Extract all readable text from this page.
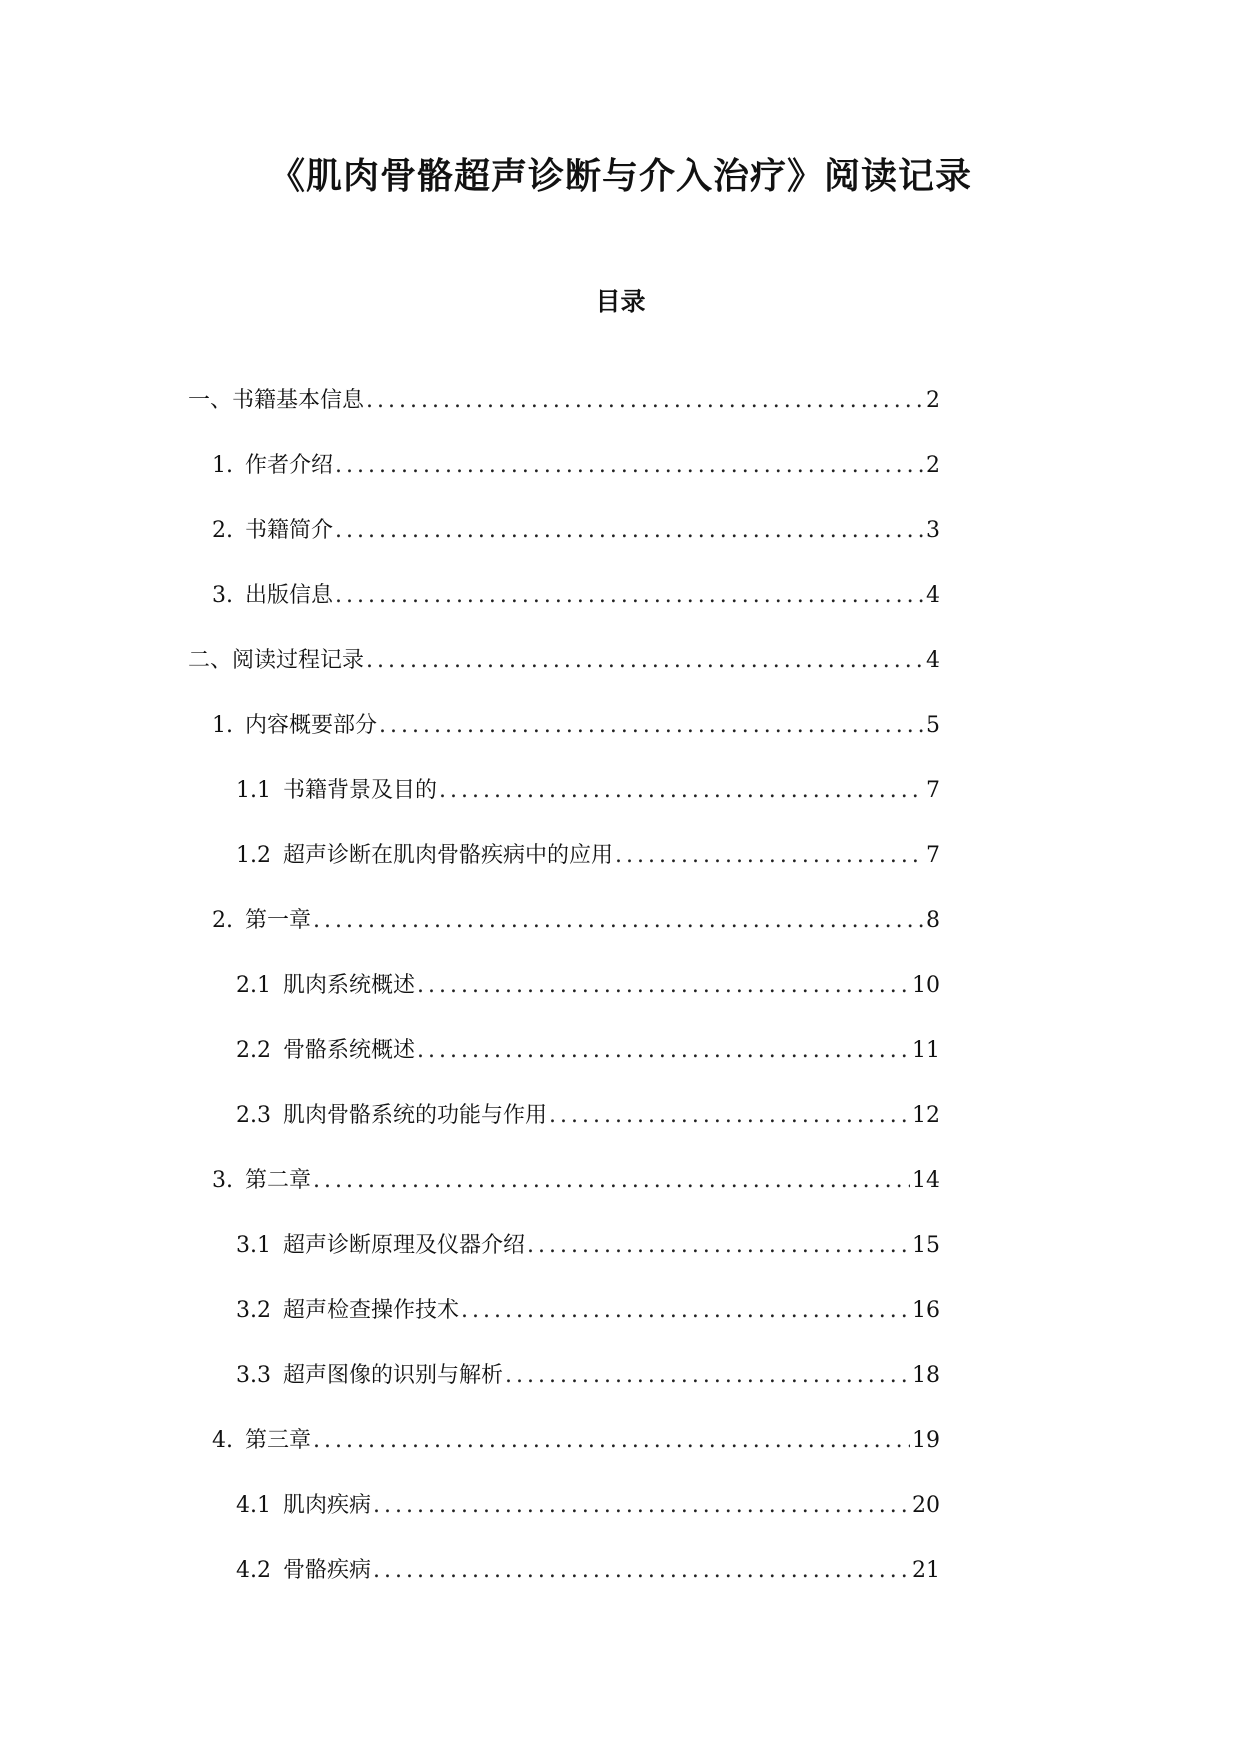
《肌肉骨骼超声诊断与介入治疗》阅读记录
目录
一、 书籍基本信息 .....	2
1. 作者介绍 .....	2
2. 书籍简介 .....	3
3. 出版信息 .....	4
二、 阅读过程记录 .....	4
1. 内容概要部分 .....	5
1.1 书籍背景及目的 .....	7
1.2 超声诊断在肌肉骨骼疾病中的应用 .....	7
2. 第一章 .....	8
2.1 肌肉系统概述 .....	10
2.2 骨骼系统概述 .....	11
2.3 肌肉骨骼系统的功能与作用 .....	12
3. 第二章 .....	14
3.1 超声诊断原理及仪器介绍 .....	15
3.2 超声检查操作技术 .....	16
3.3 超声图像的识别与解析 .....	18
4. 第三章 .....	19
4.1 肌肉疾病 .....	20
4.2 骨骼疾病 .....	21
